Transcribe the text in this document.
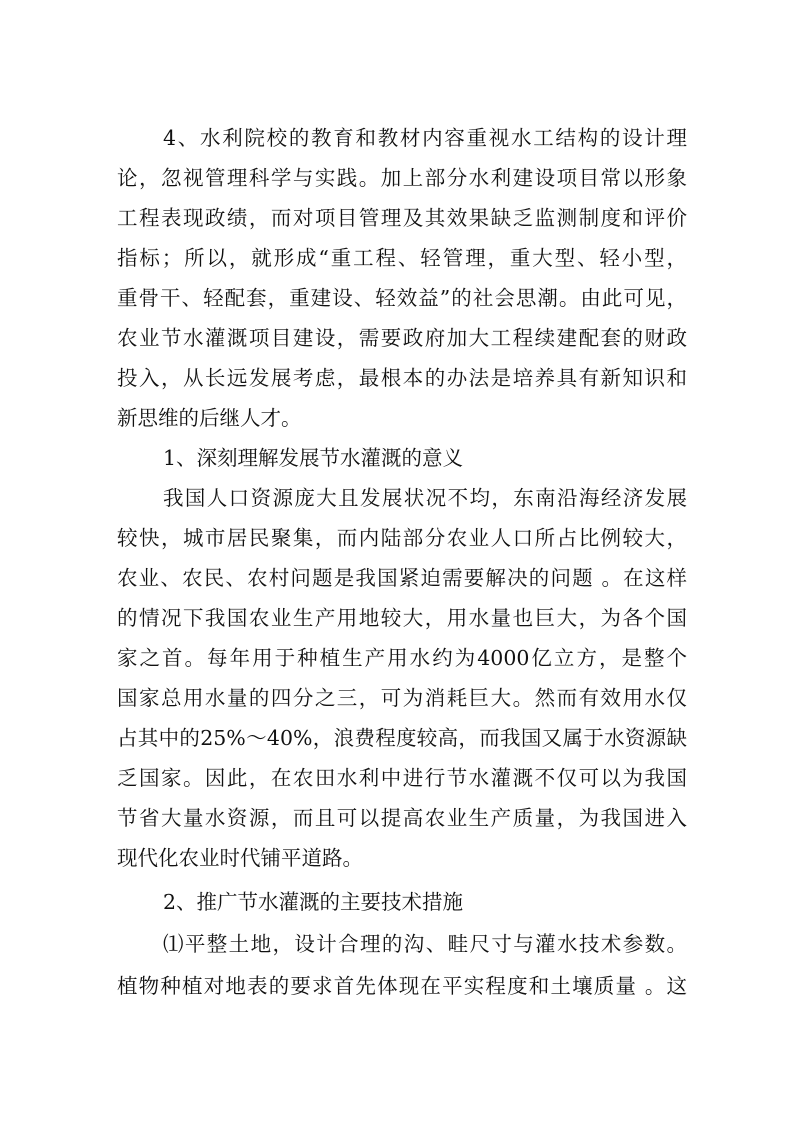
4、水利院校的教育和教材内容重视水工结构的设计理
论，忽视管理科学与实践。加上部分水利建设项目常以形象
工程表现政绩，而对项目管理及其效果缺乏监测制度和评价
指标；所以，就形成“重工程、轻管理，重大型、轻小型，
重骨干、轻配套，重建设、轻效益”的社会思潮。由此可见，
农业节水灌溉项目建设，需要政府加大工程续建配套的财政
投入，从长远发展考虑，最根本的办法是培养具有新知识和
新思维的后继人才。
1、深刻理解发展节水灌溉的意义
我国人口资源庞大且发展状况不均，东南沿海经济发展
较快，城市居民聚集，而内陆部分农业人口所占比例较大，
农业、农民、农村问题是我国紧迫需要解决的问题 。在这样
的情况下我国农业生产用地较大，用水量也巨大，为各个国
家之首。每年用于种植生产用水约为4000亿立方，是整个
国家总用水量的四分之三，可为消耗巨大。然而有效用水仅
占其中的25%～40%，浪费程度较高，而我国又属于水资源缺
乏国家。因此，在农田水利中进行节水灌溉不仅可以为我国
节省大量水资源，而且可以提高农业生产质量，为我国进入
现代化农业时代铺平道路。
2、推广节水灌溉的主要技术措施
⑴平整土地，设计合理的沟、畦尺寸与灌水技术参数。
植物种植对地表的要求首先体现在平实程度和土壤质量 。这
